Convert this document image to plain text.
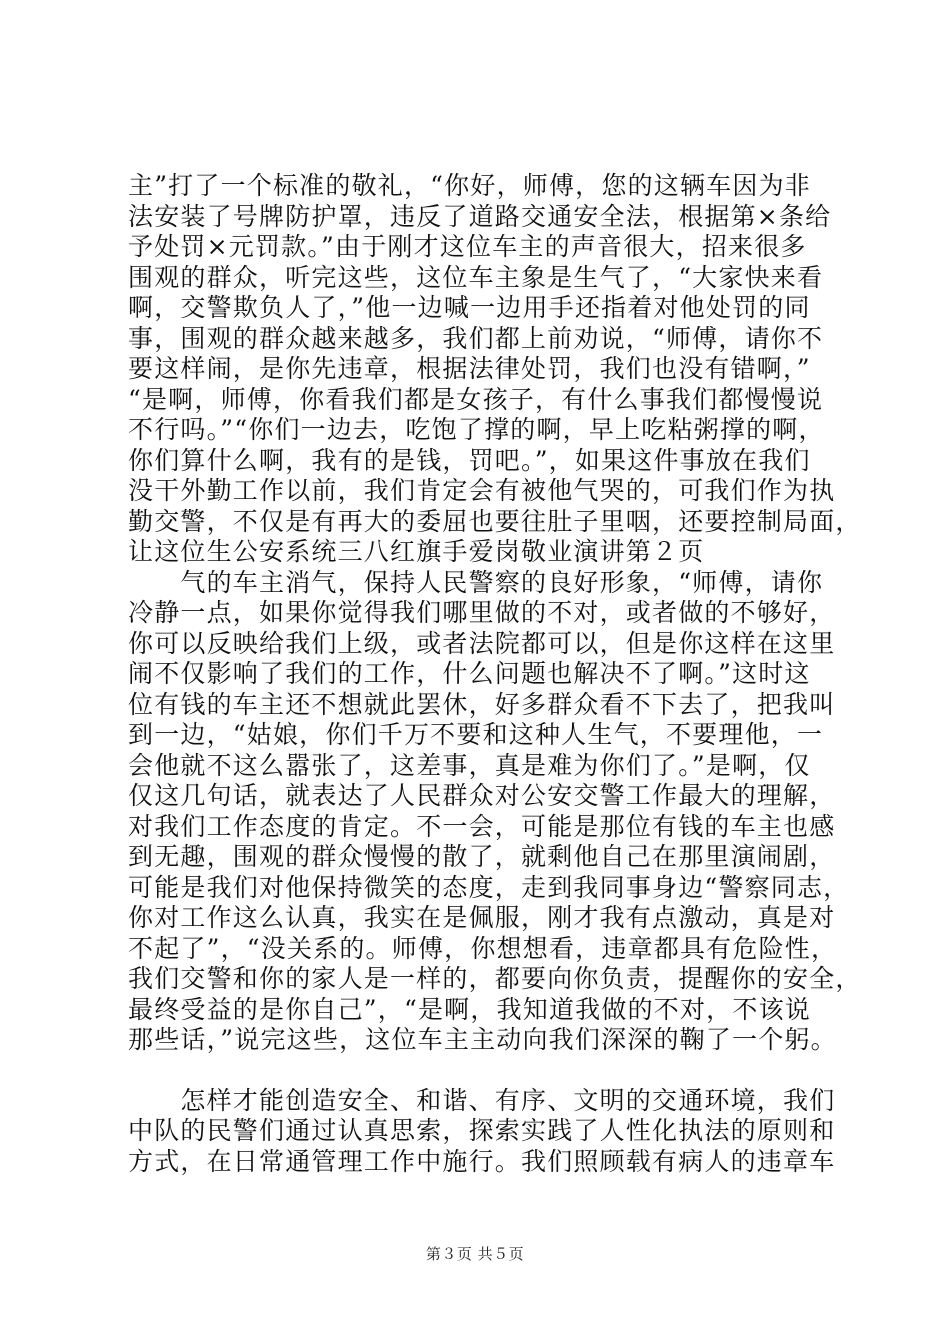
主”打了一个标准的敬礼，“你好，师傅，您的这辆车因为非
法安装了号牌防护罩，违反了道路交通安全法，根据第×条给
予处罚×元罚款。”由于刚才这位车主的声音很大，招来很多
围观的群众，听完这些，这位车主象是生气了，“大家快来看
啊，交警欺负人了，”他一边喊一边用手还指着对他处罚的同
事，围观的群众越来越多，我们都上前劝说，“师傅，请你不
要这样闹，是你先违章，根据法律处罚，我们也没有错啊，”
“是啊，师傅，你看我们都是女孩子，有什么事我们都慢慢说
不行吗。”“你们一边去，吃饱了撑的啊，早上吃粘粥撑的啊，
你们算什么啊，我有的是钱，罚吧。”，如果这件事放在我们
没干外勤工作以前，我们肯定会有被他气哭的，可我们作为执
勤交警，不仅是有再大的委屈也要往肚子里咽，还要控制局面，
让这位生公安系统三八红旗手爱岗敬业演讲第２页
　　气的车主消气，保持人民警察的良好形象，“师傅，请你
冷静一点，如果你觉得我们哪里做的不对，或者做的不够好，
你可以反映给我们上级，或者法院都可以，但是你这样在这里
闹不仅影响了我们的工作，什么问题也解决不了啊。”这时这
位有钱的车主还不想就此罢休，好多群众看不下去了，把我叫
到一边，“姑娘，你们千万不要和这种人生气，不要理他，一
会他就不这么嚣张了，这差事，真是难为你们了。”是啊，仅
仅这几句话，就表达了人民群众对公安交警工作最大的理解，
对我们工作态度的肯定。不一会，可能是那位有钱的车主也感
到无趣，围观的群众慢慢的散了，就剩他自己在那里演闹剧，
可能是我们对他保持微笑的态度，走到我同事身边“警察同志，
你对工作这么认真，我实在是佩服，刚才我有点激动，真是对
不起了”，“没关系的。师傅，你想想看，违章都具有危险性，
我们交警和你的家人是一样的，都要向你负责，提醒你的安全，
最终受益的是你自己”，“是啊，我知道我做的不对，不该说
那些话，”说完这些，这位车主主动向我们深深的鞠了一个躬。
　　怎样才能创造安全、和谐、有序、文明的交通环境，我们
中队的民警们通过认真思索，探索实践了人性化执法的原则和
方式，在日常通管理工作中施行。我们照顾载有病人的违章车
第３页 共５页
